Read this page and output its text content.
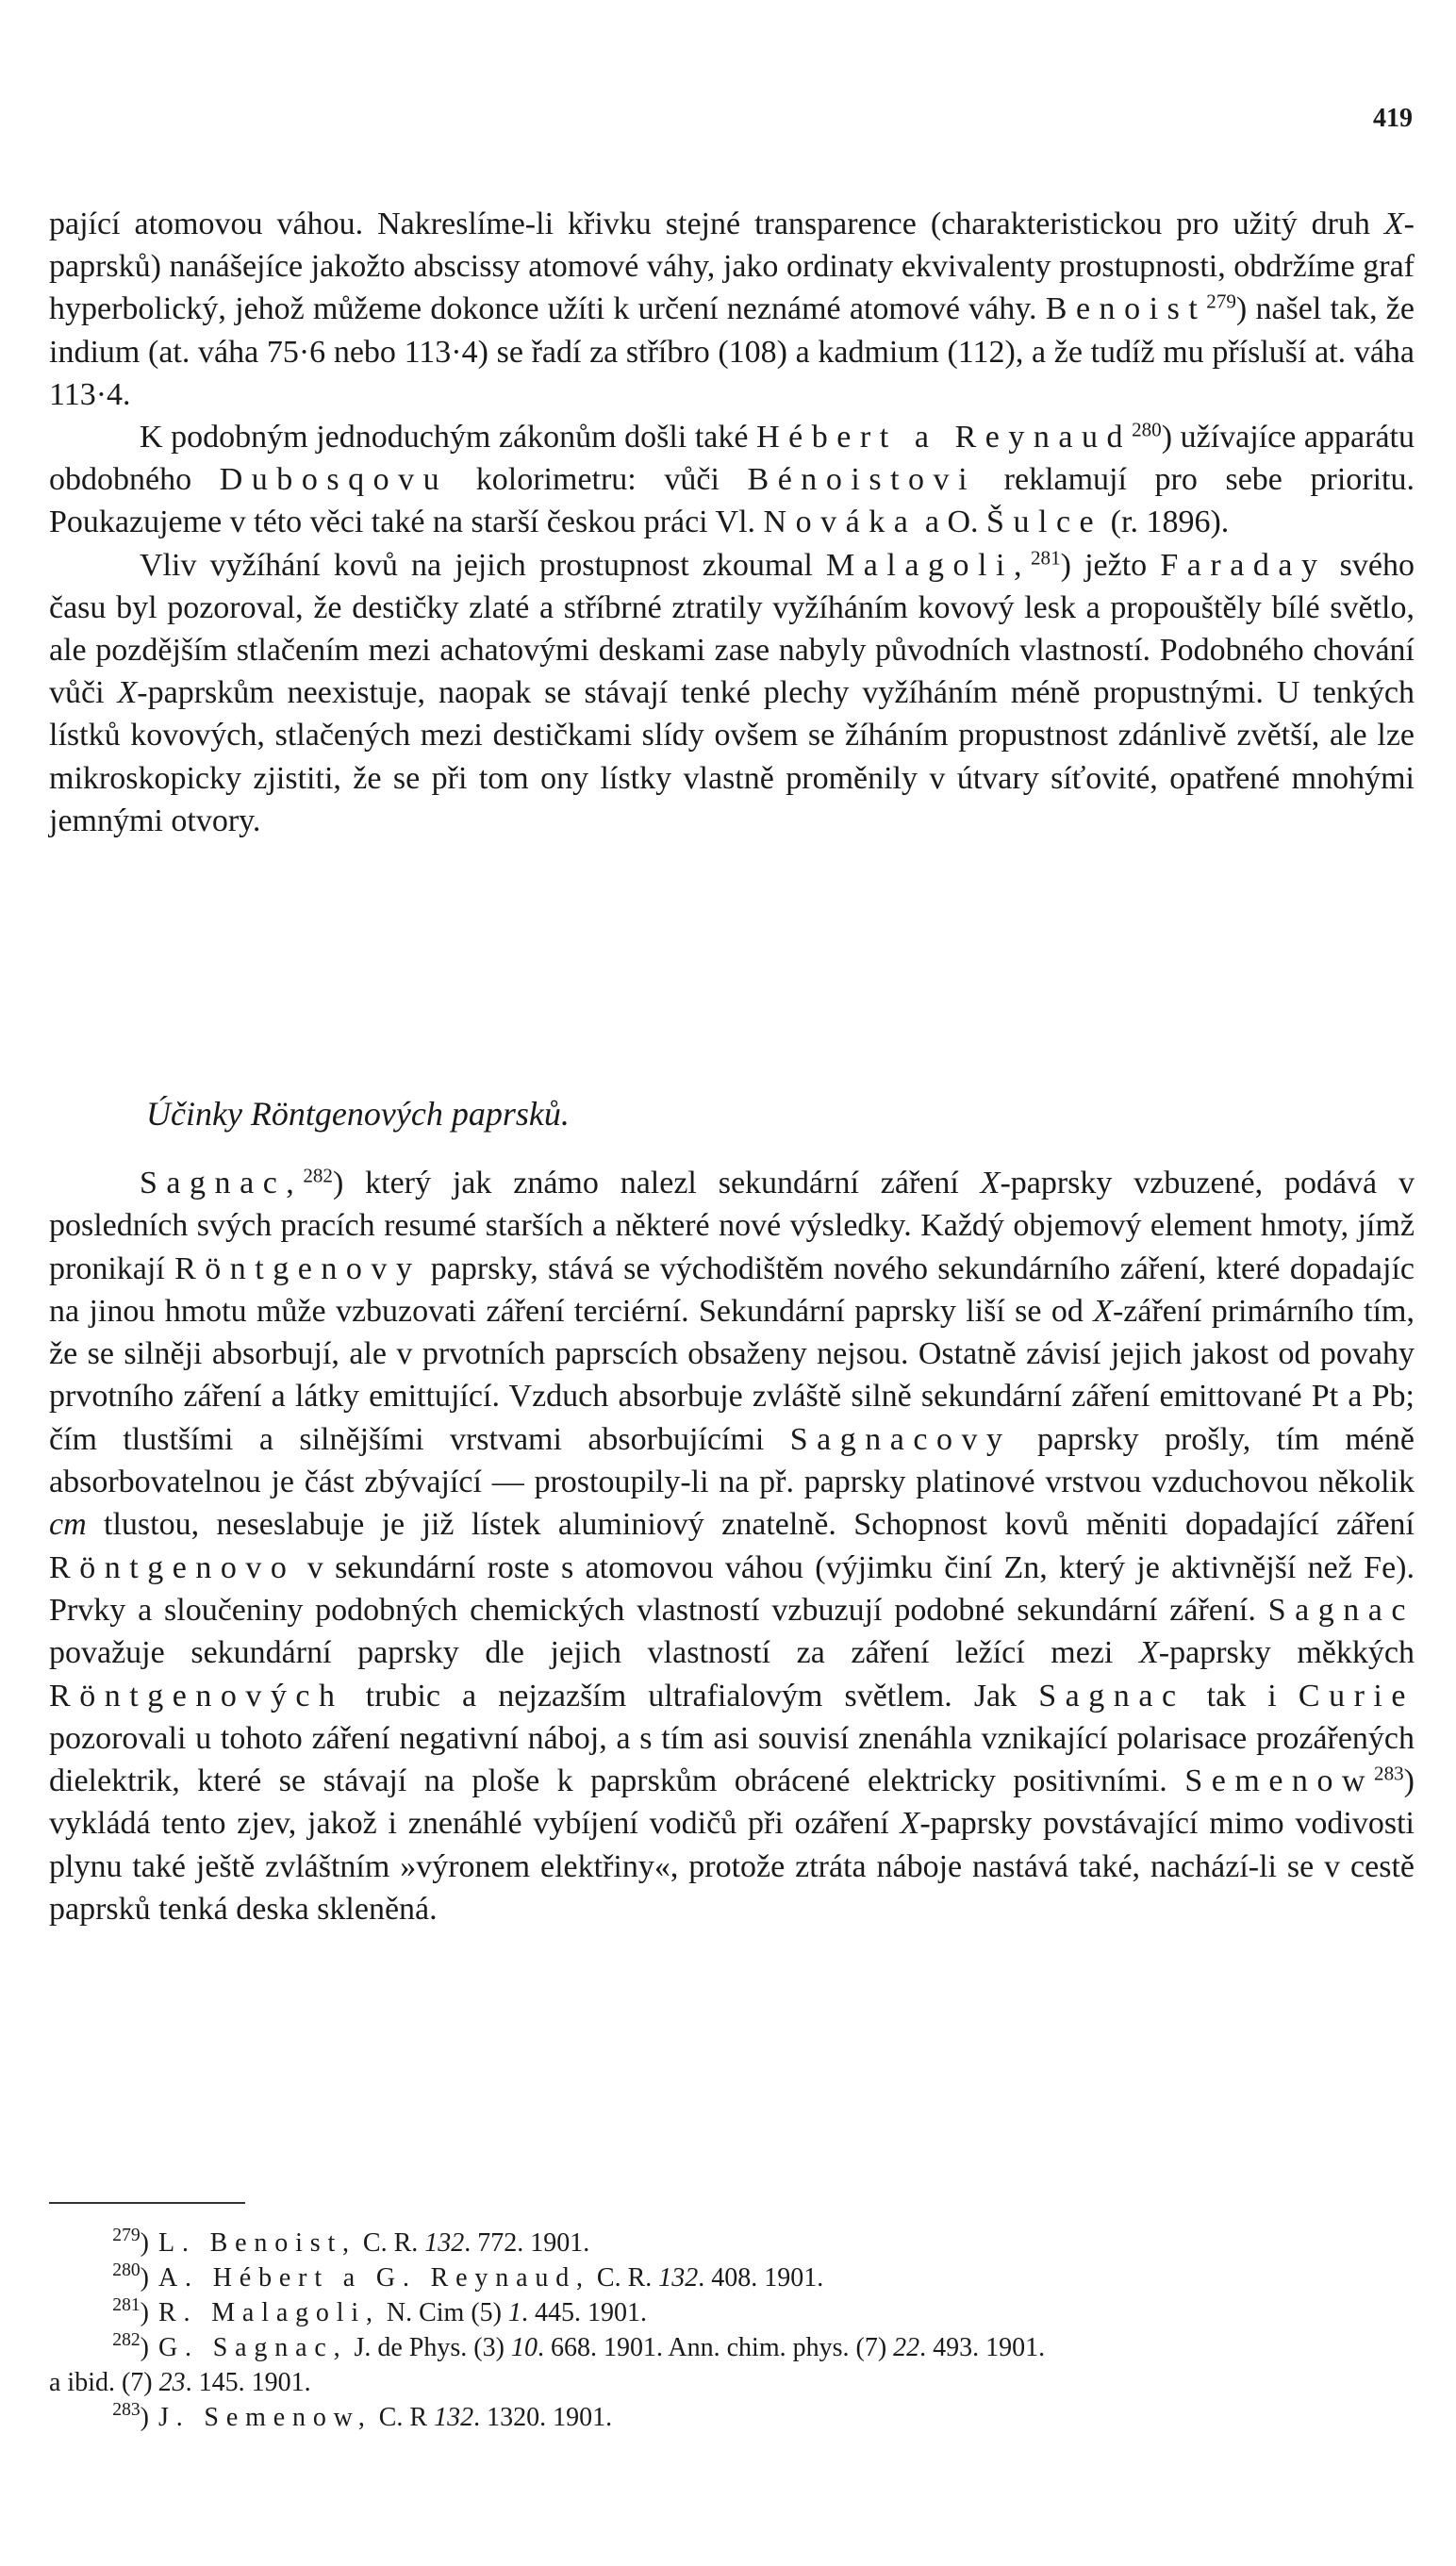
419

pající atomovou váhou. Nakreslíme-li křivku stejné transparence (charakteristickou pro užitý druh X-paprsků) nanášejíce jakožto abscissy atomové váhy, jako ordinaty ekvivalenty prostupnosti, obdržíme graf hyperbolický, jehož můžeme dokonce užíti k určení neznámé atomové váhy. Benoist$^{279}$) našel tak, že indium (at. váha 75·6 nebo 113·4) se řadí za stříbro (108) a kadmium (112), a že tudíž mu přísluší at. váha 113·4.

K podobným jednoduchým zákonům došli také Hébert a Reynaud$^{280}$) užívajíce apparátu obdobného Dubosqovu kolorimetru: vůči Bénoistovi reklamují pro sebe prioritu. Poukazujeme v této věci také na starší českou práci Vl. Nováka a O. Šulce (r. 1896).

Vliv vyžíhání kovů na jejich prostupnost zkoumal Malagoli,$^{281}$) ježto Faraday svého času byl pozoroval, že destičky zlaté a stříbrné ztratily vyžíháním kovový lesk a propouštěly bílé světlo, ale pozdějším stlačením mezi achatovými deskami zase nabyly původních vlastností. Podobného chování vůči X-paprskům neexistuje, naopak se stávají tenké plechy vyžíháním méně propustnými. U tenkých lístků kovových, stlačených mezi destičkami slídy ovšem se žíháním propustnost zdánlivě zvětší, ale lze mikroskopicky zjistiti, že se při tom ony lístky vlastně proměnily v útvary síťovité, opatřené mnohými jemnými otvory.

Účinky Röntgenových paprsků.

Sagnac,$^{282}$) který jak známo nalezl sekundární záření X-paprsky vzbuzené, podává v posledních svých pracích resumé starších a některé nové výsledky. Každý objemový element hmoty, jímž pronikají Röntgenovy paprsky, stává se východištěm nového sekundárního záření, které dopadajíc na jinou hmotu může vzbuzovati záření terciérní. Sekundární paprsky liší se od X-záření primárního tím, že se silněji absorbují, ale v prvotních paprscích obsaženy nejsou. Ostatně závisí jejich jakost od povahy prvotního záření a látky emittující. Vzduch absorbuje zvláště silně sekundární záření emittované Pt a Pb; čím tlustšími a silnějšími vrstvami absorbujícími Sagnacovy paprsky prošly, tím méně absorbovatelnou je část zbývající — prostoupily-li na př. paprsky platinové vrstvou vzduchovou několik cm tlustou, neseslabuje je již lístek aluminiový znatelně. Schopnost kovů měniti dopadající záření Röntgenovo v sekundární roste s atomovou váhou (výjimku činí Zn, který je aktivnější než Fe). Prvky a sloučeniny podobných chemických vlastností vzbuzují podobné sekundární záření. Sagnac považuje sekundární paprsky dle jejich vlastností za záření ležící mezi X-paprsky měkkých Röntgenových trubic a nejzazším ultrafialovým světlem. Jak Sagnac tak i Curie pozorovali u tohoto záření negativní náboj, a s tím asi souvisí znenáhla vznikající polarisace prozářených dielektrik, které se stávají na ploše k paprskům obrácené elektricky positivními. Semenow$^{283}$) vykládá tento zjev, jakož i znenáhlé vybíjení vodičů při ozáření X-paprsky povstávající mimo vodivosti plynu také ještě zvláštním »výronem elektřiny«, protože ztráta náboje nastává také, nachází-li se v cestě paprsků tenká deska skleněná.

$^{279}$) L. Benoist, C. R. 132. 772. 1901.

$^{280}$) A. Hébert a G. Reynaud, C. R. 132. 408. 1901.

$^{281}$) R. Malagoli, N. Cim (5) 1. 445. 1901.

$^{282}$) G. Sagnac, J. de Phys. (3) 10. 668. 1901. Ann. chim. phys. (7) 22. 493. 1901.

a ibid. (7) 23. 145. 1901.

$^{283}$) J. Semenow, C. R 132. 1320. 1901.
